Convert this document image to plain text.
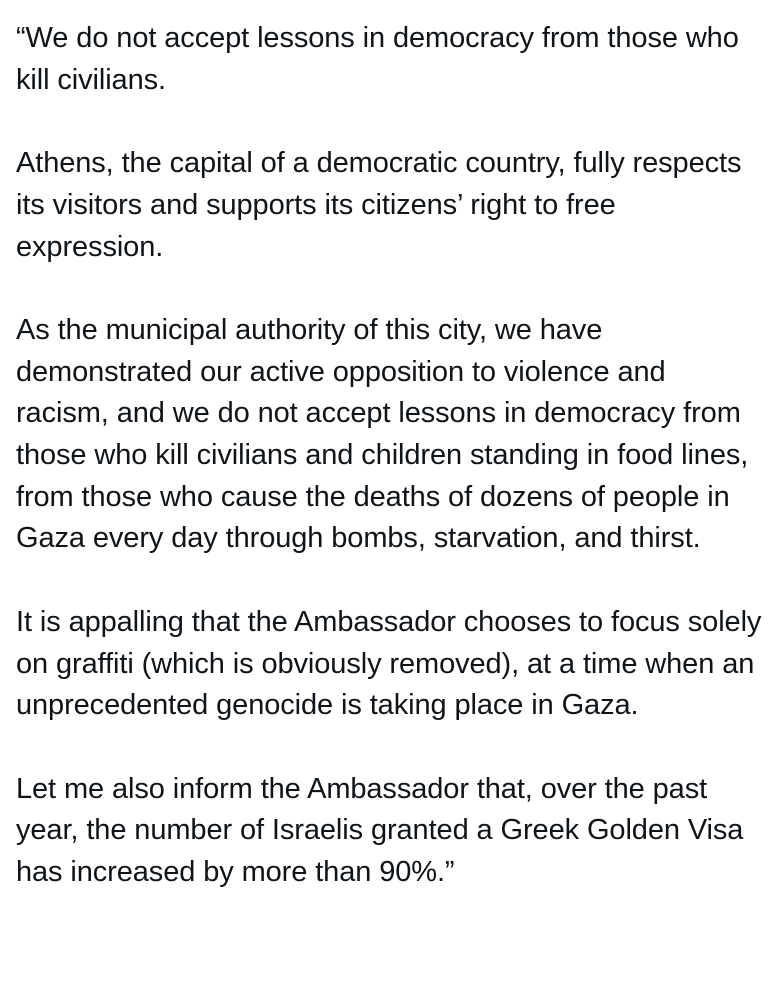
“We do not accept lessons in democracy from those who kill civilians.

Athens, the capital of a democratic country, fully respects its visitors and supports its citizens’ right to free expression.

As the municipal authority of this city, we have demonstrated our active opposition to violence and racism, and we do not accept lessons in democracy from those who kill civilians and children standing in food lines, from those who cause the deaths of dozens of people in Gaza every day through bombs, starvation, and thirst.

It is appalling that the Ambassador chooses to focus solely on graffiti (which is obviously removed), at a time when an unprecedented genocide is taking place in Gaza.

Let me also inform the Ambassador that, over the past year, the number of Israelis granted a Greek Golden Visa has increased by more than 90%.”
